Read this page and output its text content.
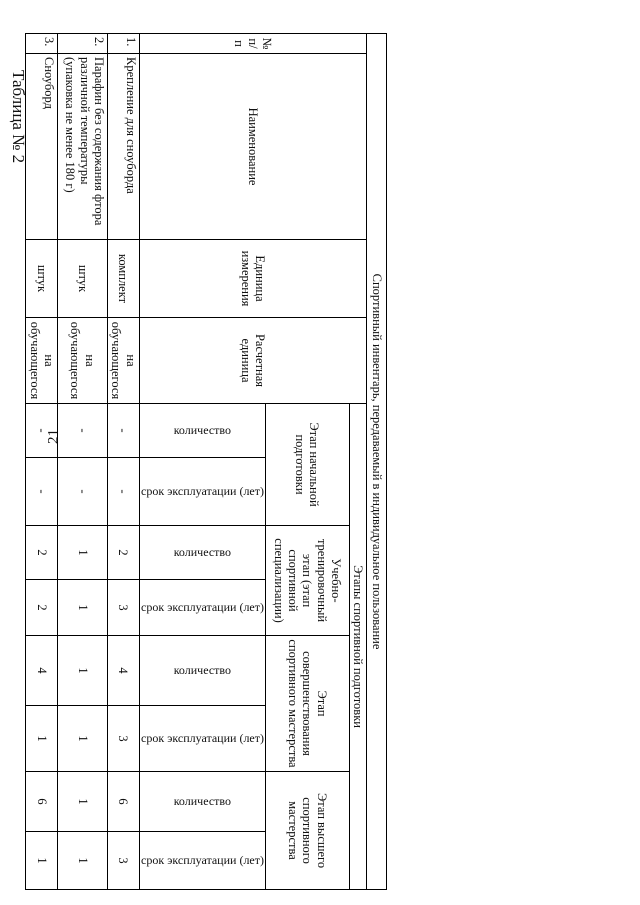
21
Таблица № 2
Спортивный инвентарь, передаваемый в индивидуальное пользование											
№ п/п	Наименование	Единица измерения	Расчетная единица	Этапы спортивной подготовки							
				Этап начальной подготовки		Учебно-тренировочный этап (этап спортивной специализации)		Этап совершенствования спортивного мастерства		Этап высшего спортивного мастерства	

				количество	срок эксплуатации (лет)	количество	срок эксплуатации (лет)	количество	срок эксплуатации (лет)	количество	срок эксплуатации (лет)

1.	Крепление для сноуборда	комплект	на обучающегося	-	-	2	3	4	3	6	3
2.	Парафин без содержания фтора различной температуры (упаковка не менее 180 г)	штук	на обучающегося	-	-	1	1	1	1	1	1
3.	Сноуборд	штук	на обучающегося	-	-	2	2	4	1	6	1
